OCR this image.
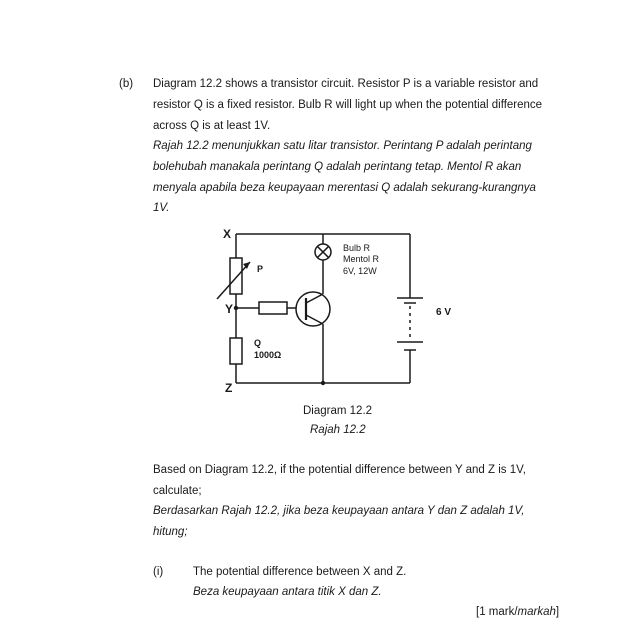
(b) Diagram 12.2 shows a transistor circuit. Resistor P is a variable resistor and
resistor Q is a fixed resistor. Bulb R will light up when the potential difference
across Q is at least 1V.
Rajah 12.2 menunjukkan satu litar transistor. Perintang P adalah perintang
bolehubah manakala perintang Q adalah perintang tetap. Mentol R akan
menyala apabila beza keupayaan merentasi Q adalah sekurang-kurangnya
1V.
X
Y
Z
P
Q
1000Ω
Bulb R
Mentol R
6V, 12W
6 V
Diagram 12.2
Rajah 12.2
Based on Diagram 12.2, if the potential difference between Y and Z is 1V,
calculate;
Berdasarkan Rajah 12.2, jika beza keupayaan antara Y dan Z adalah 1V,
hitung;
(i)	The potential difference between X and Z.
Beza keupayaan antara titik X dan Z.
[1 mark/markah]
